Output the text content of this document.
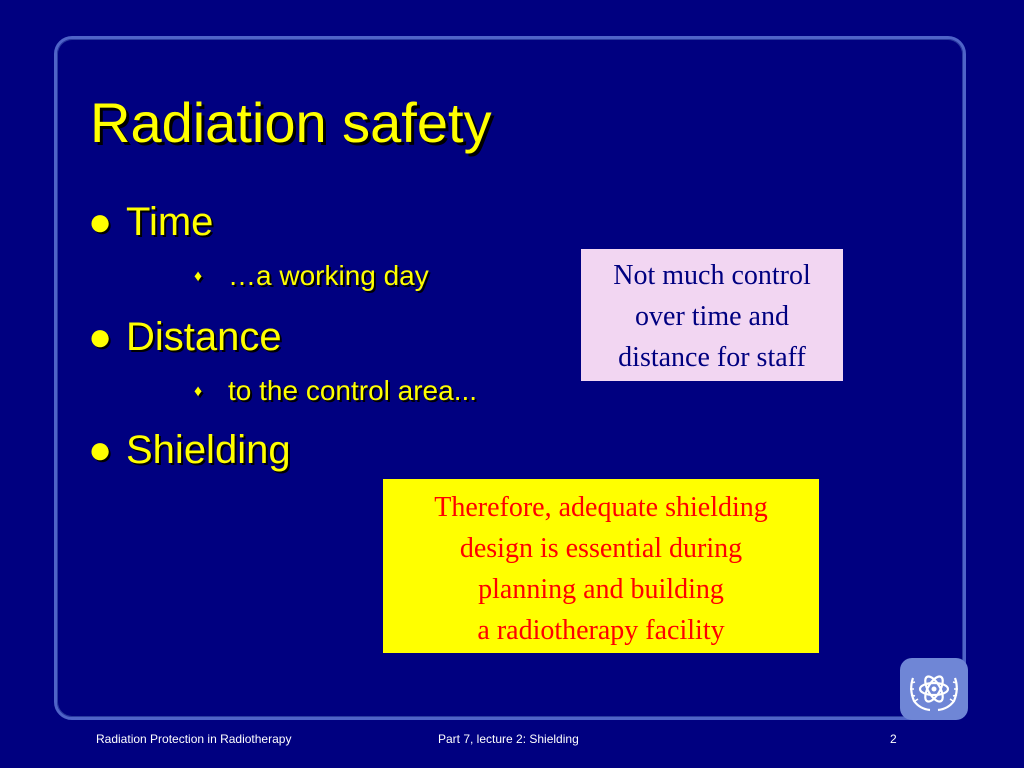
Radiation safety
● Time
♦ …a working day
● Distance
♦ to the control area...
● Shielding
Not much control
over time and
distance for staff
Therefore, adequate shielding
design is essential during
planning and building
a radiotherapy facility
Radiation Protection in Radiotherapy	Part 7, lecture 2: Shielding	2
